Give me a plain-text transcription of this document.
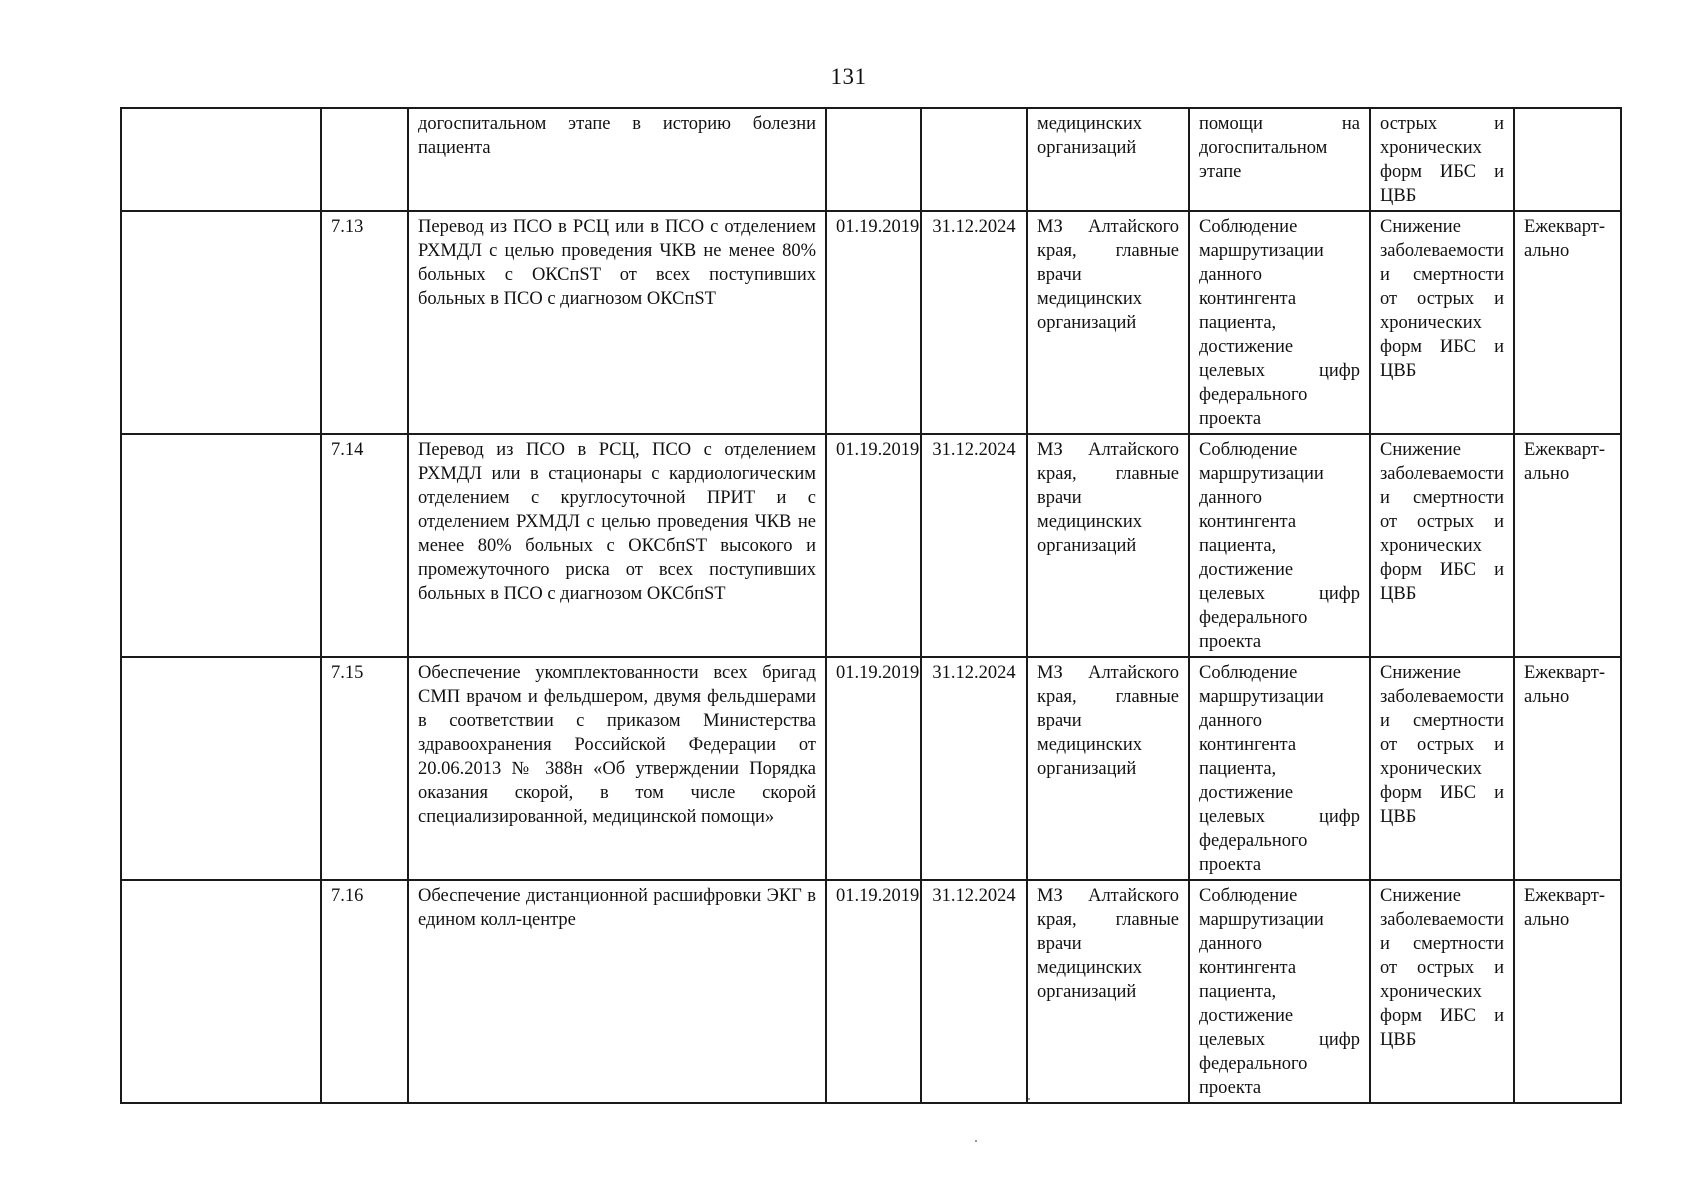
131
		догоспитальном этапе в историю болезни пациента			медицинских организаций	помощи на догоспитальном этапе	острых и хронических форм ИБС и ЦВБ	
	7.13	Перевод из ПСО в РСЦ или в ПСО с отделением РХМДЛ с целью проведения ЧКВ не менее 80% больных с ОКСпST от всех поступивших больных в ПСО с диагнозом ОКСпST	01.19.2019	31.12.2024	МЗ Алтайского края, главные врачи медицинских организаций	Соблюдение маршрутизации данного контингента пациента, достижение целевых цифр федерального проекта	Снижение заболеваемости и смертности от острых и хронических форм ИБС и ЦВБ	Ежеквартально
	7.14	Перевод из ПСО в РСЦ, ПСО с отделением РХМДЛ или в стационары с кардиологическим отделением с круглосуточной ПРИТ и с отделением РХМДЛ с целью проведения ЧКВ не менее 80% больных с ОКСбпST высокого и промежуточного риска от всех поступивших больных в ПСО с диагнозом ОКСбпST	01.19.2019	31.12.2024	МЗ Алтайского края, главные врачи медицинских организаций	Соблюдение маршрутизации данного контингента пациента, достижение целевых цифр федерального проекта	Снижение заболеваемости и смертности от острых и хронических форм ИБС и ЦВБ	Ежеквартально
	7.15	Обеспечение укомплектованности всех бригад СМП врачом и фельдшером, двумя фельдшерами в соответствии с приказом Министерства здравоохранения Российской Федерации от 20.06.2013 № 388н «Об утверждении Порядка оказания скорой, в том числе скорой специализированной, медицинской помощи»	01.19.2019	31.12.2024	МЗ Алтайского края, главные врачи медицинских организаций	Соблюдение маршрутизации данного контингента пациента, достижение целевых цифр федерального проекта	Снижение заболеваемости и смертности от острых и хронических форм ИБС и ЦВБ	Ежеквартально
	7.16	Обеспечение дистанционной расшифровки ЭКГ в едином колл-центре	01.19.2019	31.12.2024	МЗ Алтайского края, главные врачи медицинских организаций	Соблюдение маршрутизации данного контингента пациента, достижение целевых цифр федерального проекта	Снижение заболеваемости и смертности от острых и хронических форм ИБС и ЦВБ	Ежеквартально
